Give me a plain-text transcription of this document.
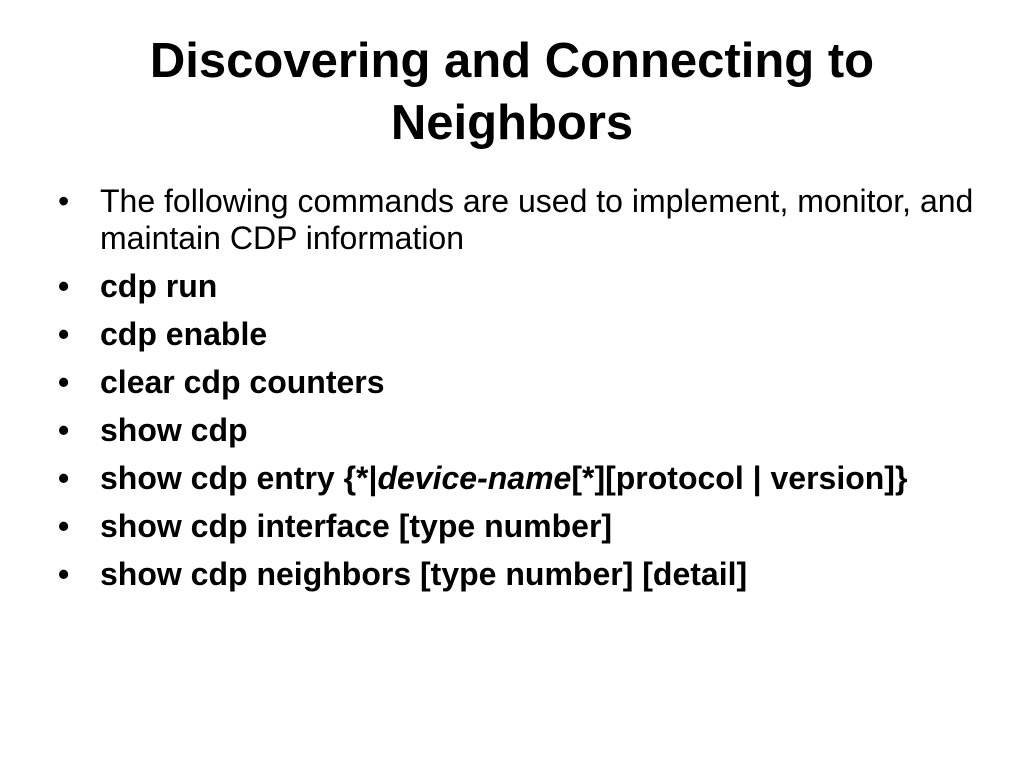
Discovering and Connecting to
Neighbors
• The following commands are used to implement, monitor, and maintain CDP information
• cdp run
• cdp enable
• clear cdp counters
• show cdp
• show cdp entry {*|device-name[*][protocol | version]}
• show cdp interface [type number]
• show cdp neighbors [type number] [detail]
